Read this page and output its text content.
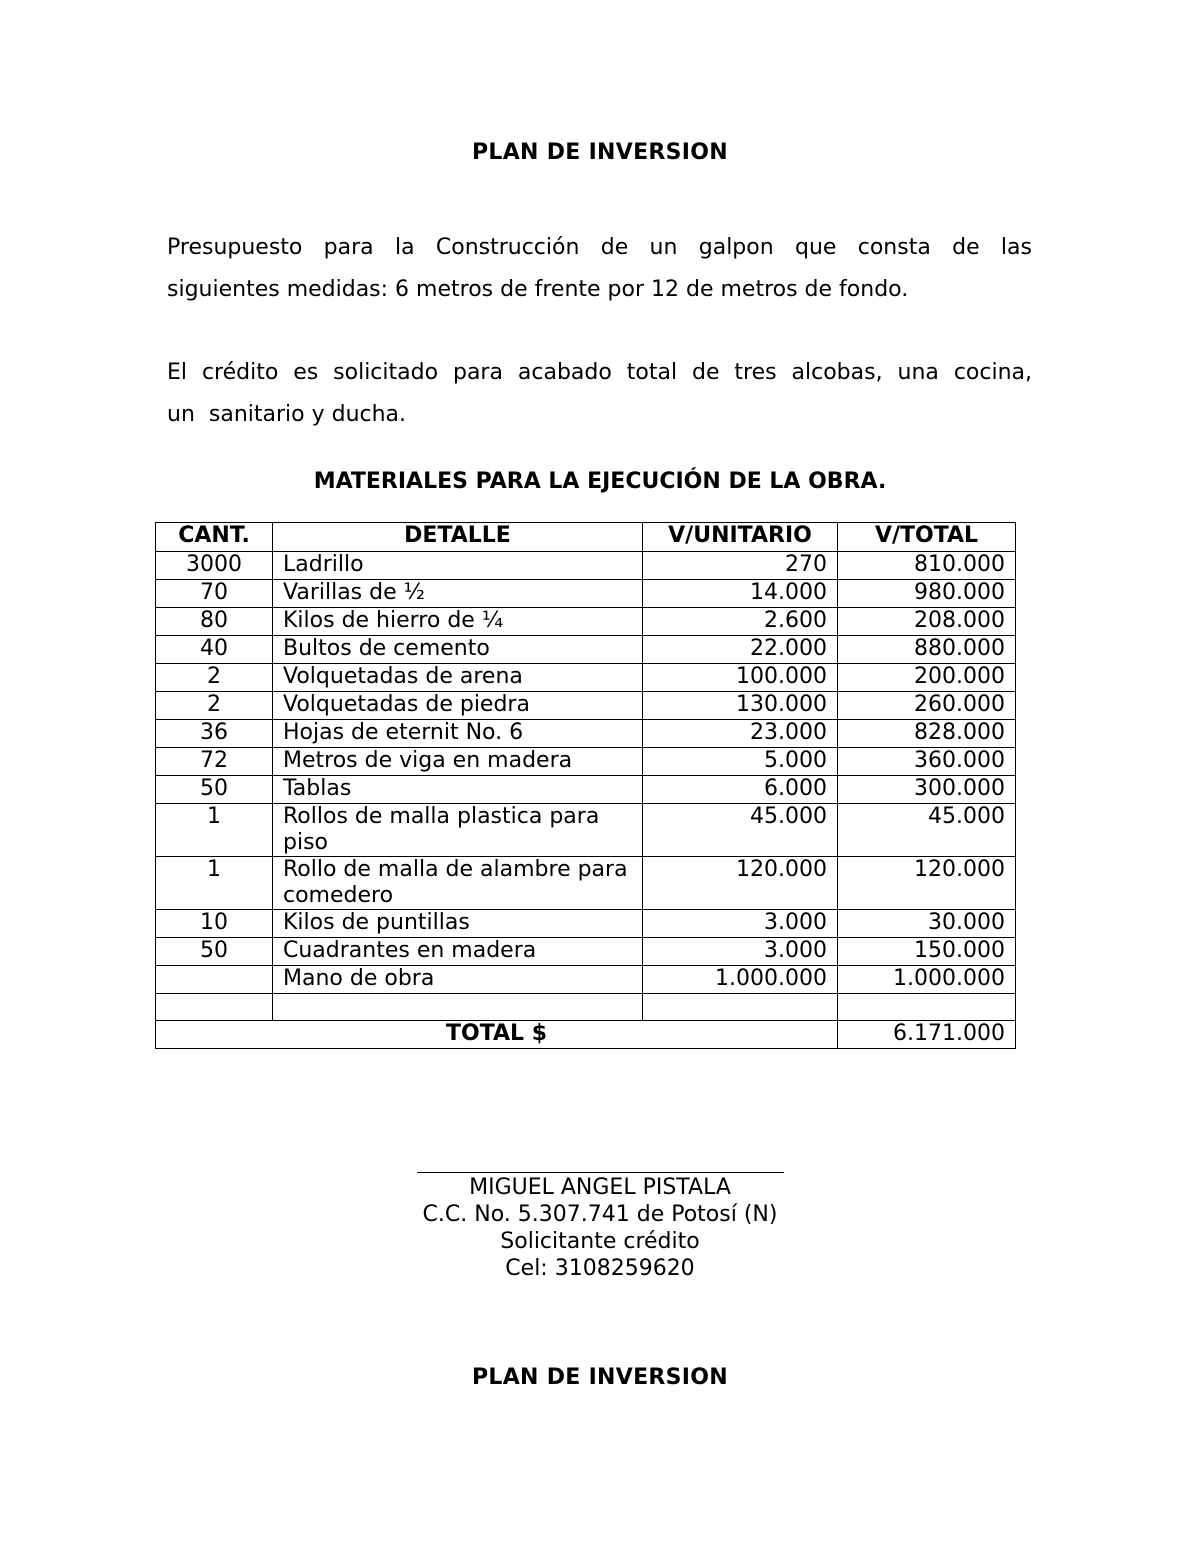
PLAN DE INVERSION
Presupuesto para la Construcción de un galpon que consta de las
siguientes medidas: 6 metros de frente por 12 de metros de fondo.
El crédito es solicitado para acabado total de tres alcobas, una cocina,
un  sanitario y ducha.
MATERIALES PARA LA EJECUCIÓN DE LA OBRA.
CANT.	DETALLE	V/UNITARIO	V/TOTAL
3000	Ladrillo	270	810.000
70	Varillas de ½	14.000	980.000
80	Kilos de hierro de ¼	2.600	208.000
40	Bultos de cemento	22.000	880.000
2	Volquetadas de arena	100.000	200.000
2	Volquetadas de piedra	130.000	260.000
36	Hojas de eternit No. 6	23.000	828.000
72	Metros de viga en madera	5.000	360.000
50	Tablas	6.000	300.000
1	Rollos de malla plastica para piso	45.000	45.000
1	Rollo de malla de alambre para comedero	120.000	120.000
10	Kilos de puntillas	3.000	30.000
50	Cuadrantes en madera	3.000	150.000
	Mano de obra	1.000.000	1.000.000

TOTAL $			6.171.000
MIGUEL ANGEL PISTALA
C.C. No. 5.307.741 de Potosí (N)
Solicitante crédito
Cel: 3108259620
PLAN DE INVERSION
